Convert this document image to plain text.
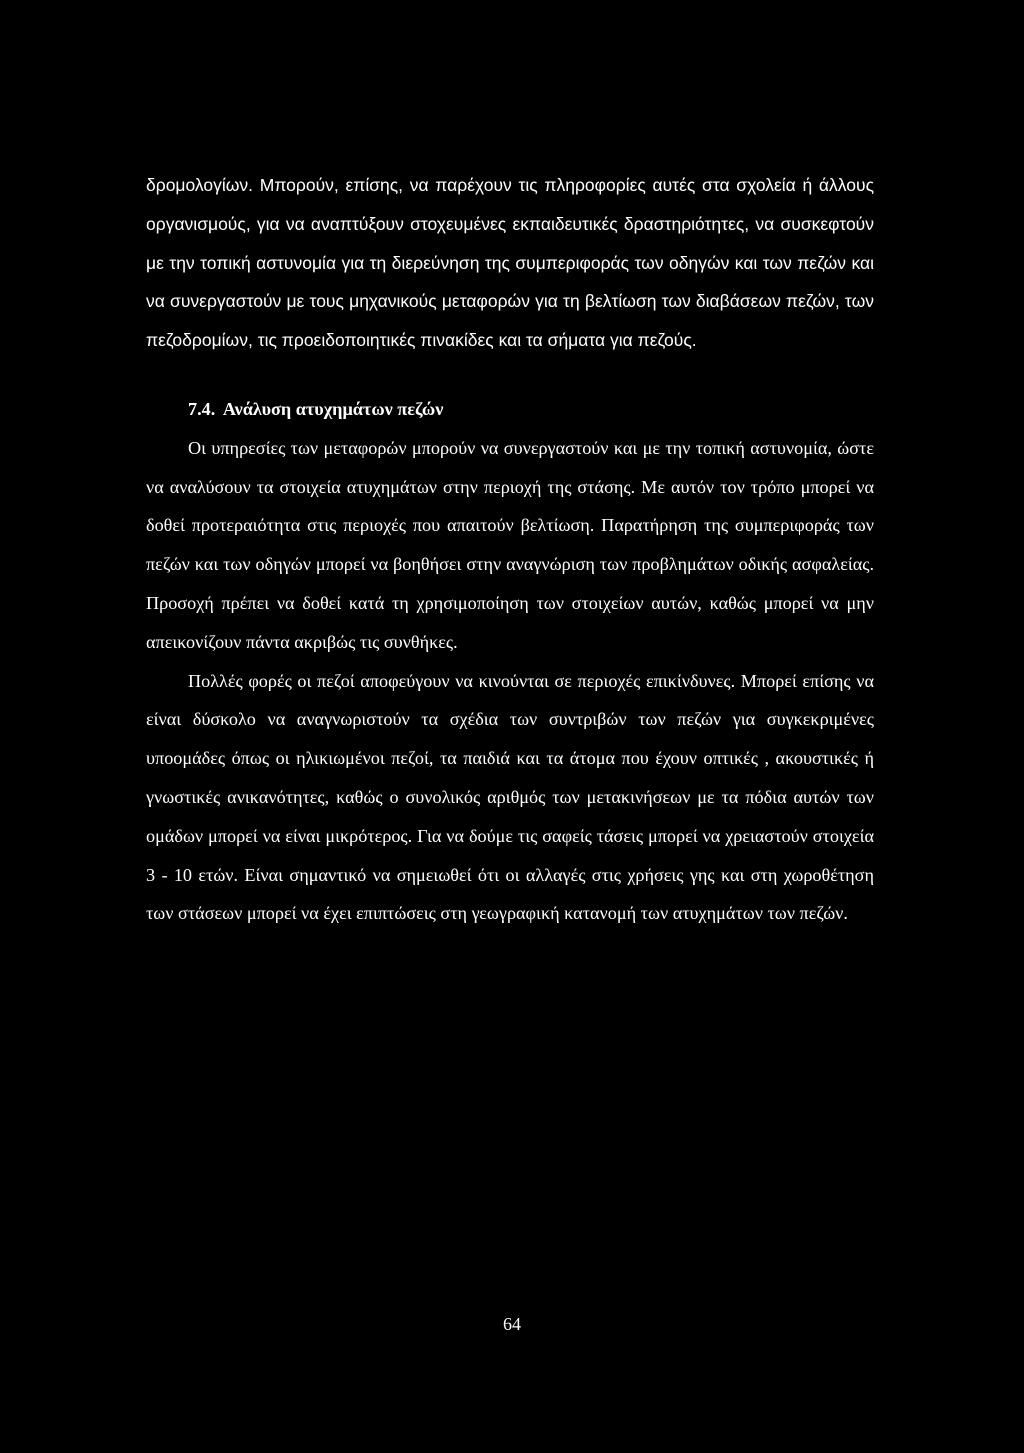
δρομολογίων. Μπορούν, επίσης, να παρέχουν τις πληροφορίες αυτές στα σχολεία ή άλλους οργανισμούς, για να αναπτύξουν στοχευμένες εκπαιδευτικές δραστηριότητες, να συσκεφτούν με την τοπική αστυνομία για τη διερεύνηση της συμπεριφοράς των οδηγών και των πεζών και να συνεργαστούν με τους μηχανικούς μεταφορών για τη βελτίωση των διαβάσεων πεζών, των πεζοδρομίων, τις προειδοποιητικές πινακίδες και τα σήματα για πεζούς.

7.4. Ανάλυση ατυχημάτων πεζών

Οι υπηρεσίες των μεταφορών μπορούν να συνεργαστούν και με την τοπική αστυνομία, ώστε να αναλύσουν τα στοιχεία ατυχημάτων στην περιοχή της στάσης. Με αυτόν τον τρόπο μπορεί να δοθεί προτεραιότητα στις περιοχές που απαιτούν βελτίωση. Παρατήρηση της συμπεριφοράς των πεζών και των οδηγών μπορεί να βοηθήσει στην αναγνώριση των προβλημάτων οδικής ασφαλείας. Προσοχή πρέπει να δοθεί κατά τη χρησιμοποίηση των στοιχείων αυτών, καθώς μπορεί να μην απεικονίζουν πάντα ακριβώς τις συνθήκες.

Πολλές φορές οι πεζοί αποφεύγουν να κινούνται σε περιοχές επικίνδυνες. Μπορεί επίσης να είναι δύσκολο να αναγνωριστούν τα σχέδια των συντριβών των πεζών για συγκεκριμένες υποομάδες όπως οι ηλικιωμένοι πεζοί, τα παιδιά και τα άτομα που έχουν οπτικές , ακουστικές ή γνωστικές ανικανότητες, καθώς ο συνολικός αριθμός των μετακινήσεων με τα πόδια αυτών των ομάδων μπορεί να είναι μικρότερος. Για να δούμε τις σαφείς τάσεις μπορεί να χρειαστούν στοιχεία 3 - 10 ετών. Είναι σημαντικό να σημειωθεί ότι οι αλλαγές στις χρήσεις γης και στη χωροθέτηση των στάσεων μπορεί να έχει επιπτώσεις στη γεωγραφική κατανομή των ατυχημάτων των πεζών.

64
